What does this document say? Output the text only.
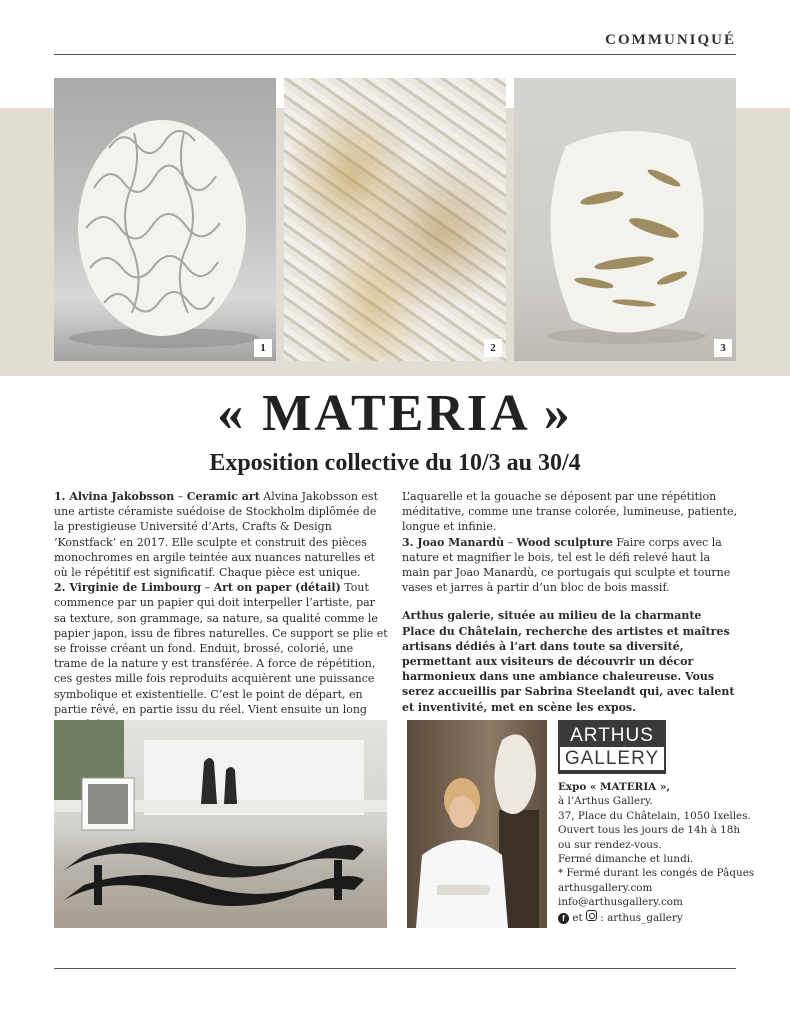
COMMUNIQUÉ
1	2	3
« MATERIA »
Exposition collective du 10/3 au 30/4

1. Alvina Jakobsson – Ceramic art Alvina Jakobsson est une artiste céramiste suédoise de Stockholm diplômée de la prestigieuse Université d’Arts, Crafts & Design ‘Konstfack’ en 2017. Elle sculpte et construit des pièces monochromes en argile teintée aux nuances naturelles et où le répétitif est significatif. Chaque pièce est unique.

2. Virginie de Limbourg – Art on paper (détail) Tout commence par un papier qui doit interpeller l’artiste, par sa texture, son grammage, sa nature, sa qualité comme le papier japon, issu de fibres naturelles. Ce support se plie et se froisse créant un fond. Enduit, brossé, colorié, une trame de la nature y est transférée. A force de répétition, ces gestes mille fois reproduits acquièrent une puissance symbolique et existentielle. C’est le point de départ, en partie rêvé, en partie issu du réel. Vient ensuite un long

L’aquarelle et la gouache se déposent par une répétition méditative, comme une transe colorée, lumineuse, patiente, longue et infinie.

3. Joao Manardù – Wood sculpture Faire corps avec la nature et magnifier le bois, tel est le défi relevé haut la main par Joao Manardù, ce portugais qui sculpte et tourne vases et jarres à partir d’un bloc de bois massif.

Arthus galerie, située au milieu de la charmante Place du Châtelain, recherche des artistes et maîtres artisans dédiés à l’art dans toute sa diversité, permettant aux visiteurs de découvrir un décor harmonieux dans une ambiance chaleureuse. Vous serez accueillis par Sabrina Steelandt qui, avec talent et inventivité, met en scène les expos.

ARTHUS
GALLERY
Expo « MATERIA »,
à l’Arthus Gallery.
37, Place du Châtelain, 1050 Ixelles.
Ouvert tous les jours de 14h à 18h
ou sur rendez-vous.
Fermé dimanche et lundi.
* Fermé durant les congés de Pâques
arthusgallery.com
info@arthusgallery.com
f et : arthus_gallery
